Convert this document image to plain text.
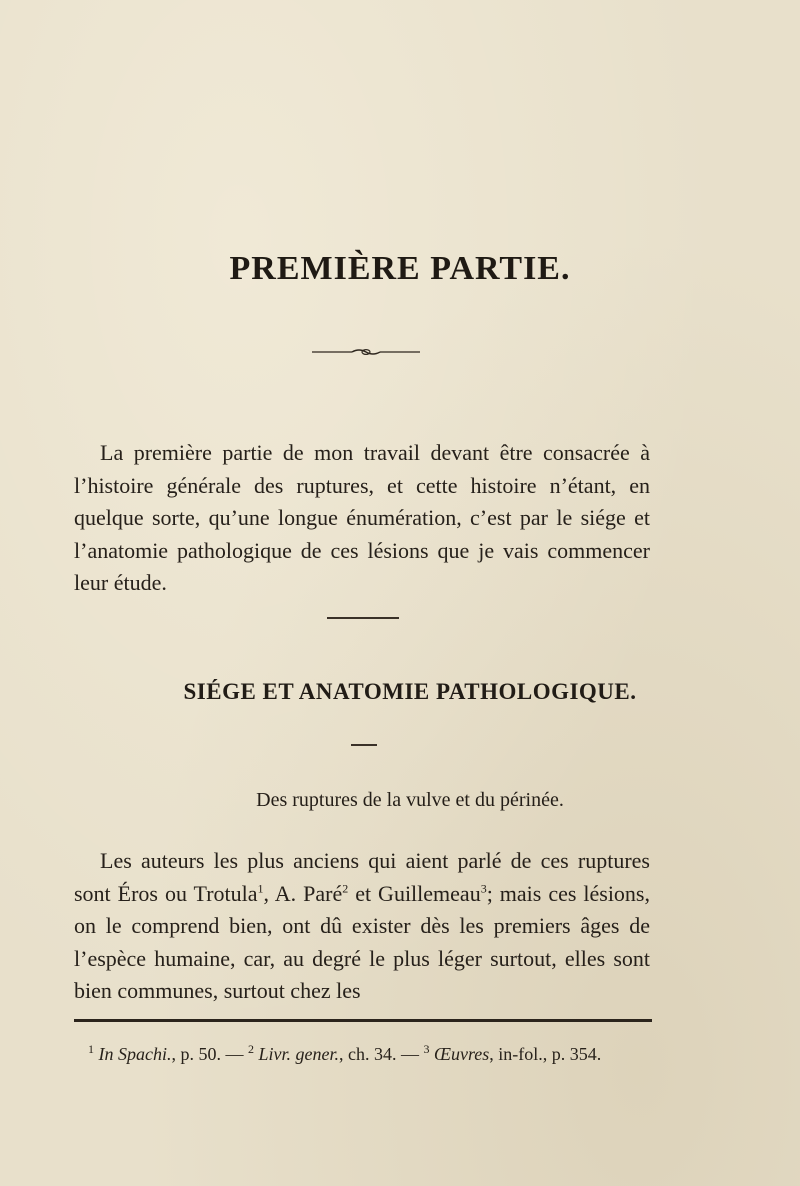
PREMIÈRE PARTIE.
La première partie de mon travail devant être consacrée à l’histoire générale des ruptures, et cette histoire n’étant, en quelque sorte, qu’une longue énumération, c’est par le siége et l’anatomie pathologique de ces lésions que je vais commencer leur étude.
SIÉGE ET ANATOMIE PATHOLOGIQUE.
Des ruptures de la vulve et du périnée.
Les auteurs les plus anciens qui aient parlé de ces ruptures sont Éros ou Trotula$^1$, A. Paré$^2$ et Guillemeau$^3$; mais ces lésions, on le comprend bien, ont dû exister dès les premiers âges de l’espèce humaine, car, au degré le plus léger surtout, elles sont bien communes, surtout chez les
$^1$ In Spachi., p. 50. — $^2$ Livr. gener., ch. 34. — $^3$ Œuvres, in-fol., p. 354.
